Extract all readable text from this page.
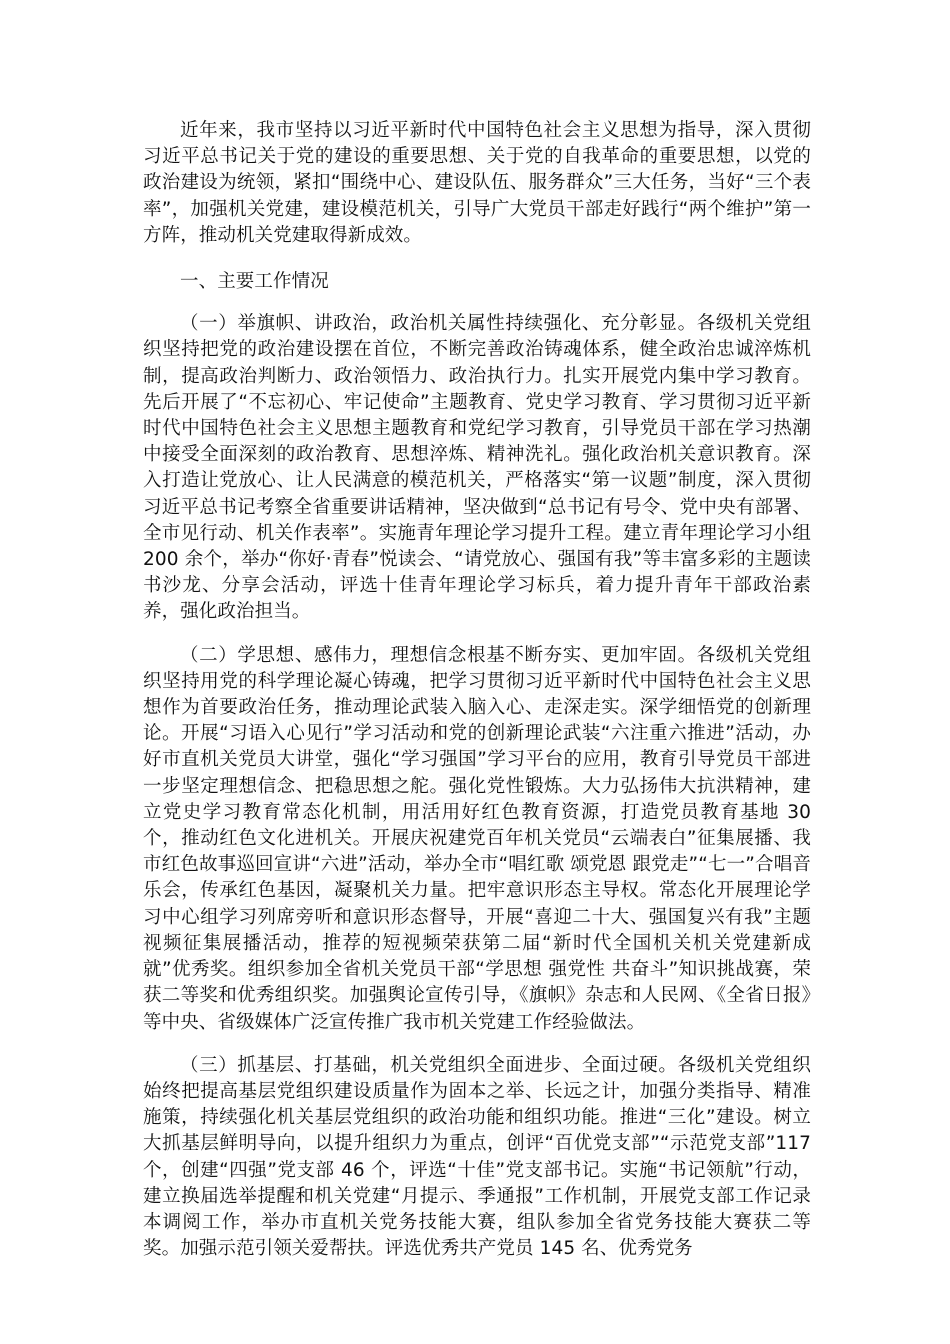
近年来，我市坚持以习近平新时代中国特色社会主义思想为指导，深入贯彻习近平总书记关于党的建设的重要思想、关于党的自我革命的重要思想，以党的政治建设为统领，紧扣“围绕中心、建设队伍、服务群众”三大任务，当好“三个表率”，加强机关党建，建设模范机关，引导广大党员干部走好践行“两个维护”第一方阵，推动机关党建取得新成效。

一、主要工作情况

（一）举旗帜、讲政治，政治机关属性持续强化、充分彰显。各级机关党组织坚持把党的政治建设摆在首位，不断完善政治铸魂体系，健全政治忠诚淬炼机制，提高政治判断力、政治领悟力、政治执行力。扎实开展党内集中学习教育。先后开展了“不忘初心、牢记使命”主题教育、党史学习教育、学习贯彻习近平新时代中国特色社会主义思想主题教育和党纪学习教育，引导党员干部在学习热潮中接受全面深刻的政治教育、思想淬炼、精神洗礼。强化政治机关意识教育。深入打造让党放心、让人民满意的模范机关，严格落实“第一议题”制度，深入贯彻习近平总书记考察全省重要讲话精神，坚决做到“总书记有号令、党中央有部署、全市见行动、机关作表率”。实施青年理论学习提升工程。建立青年理论学习小组 200 余个，举办“你好·青春”悦读会、“请党放心、强国有我”等丰富多彩的主题读书沙龙、分享会活动，评选十佳青年理论学习标兵，着力提升青年干部政治素养，强化政治担当。

（二）学思想、感伟力，理想信念根基不断夯实、更加牢固。各级机关党组织坚持用党的科学理论凝心铸魂，把学习贯彻习近平新时代中国特色社会主义思想作为首要政治任务，推动理论武装入脑入心、走深走实。深学细悟党的创新理论。开展“习语入心见行”学习活动和党的创新理论武装“六注重六推进”活动，办好市直机关党员大讲堂，强化“学习强国”学习平台的应用，教育引导党员干部进一步坚定理想信念、把稳思想之舵。强化党性锻炼。大力弘扬伟大抗洪精神，建立党史学习教育常态化机制，用活用好红色教育资源，打造党员教育基地 30 个，推动红色文化进机关。开展庆祝建党百年机关党员“云端表白”征集展播、我市红色故事巡回宣讲“六进”活动，举办全市“唱红歌 颂党恩 跟党走”“七一”合唱音乐会，传承红色基因，凝聚机关力量。把牢意识形态主导权。常态化开展理论学习中心组学习列席旁听和意识形态督导，开展“喜迎二十大、强国复兴有我”主题视频征集展播活动，推荐的短视频荣获第二届“新时代全国机关机关党建新成就”优秀奖。组织参加全省机关党员干部“学思想 强党性 共奋斗”知识挑战赛，荣获二等奖和优秀组织奖。加强舆论宣传引导，《旗帜》杂志和人民网、《全省日报》等中央、省级媒体广泛宣传推广我市机关党建工作经验做法。

（三）抓基层、打基础，机关党组织全面进步、全面过硬。各级机关党组织始终把提高基层党组织建设质量作为固本之举、长远之计，加强分类指导、精准施策，持续强化机关基层党组织的政治功能和组织功能。推进“三化”建设。树立大抓基层鲜明导向，以提升组织力为重点，创评“百优党支部”“示范党支部”117 个，创建“四强”党支部 46 个，评选“十佳”党支部书记。实施“书记领航”行动，建立换届选举提醒和机关党建“月提示、季通报”工作机制，开展党支部工作记录本调阅工作，举办市直机关党务技能大赛，组队参加全省党务技能大赛获二等奖。加强示范引领关爱帮扶。评选优秀共产党员 145 名、优秀党务
